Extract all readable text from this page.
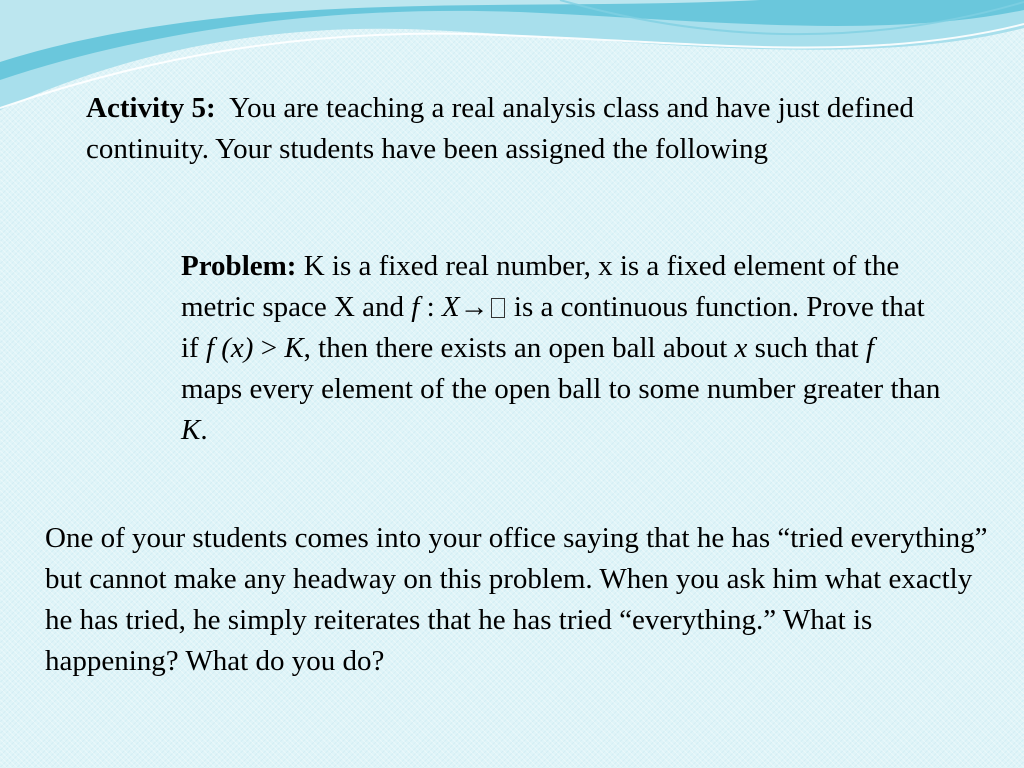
Activity 5: You are teaching a real analysis class and have just defined continuity. Your students have been assigned the following

Problem: K is a fixed real number, x is a fixed element of the metric space X and f : X→ is a continuous function. Prove that if f (x) > K, then there exists an open ball about x such that f maps every element of the open ball to some number greater than K.

One of your students comes into your office saying that he has “tried everything” but cannot make any headway on this problem. When you ask him what exactly he has tried, he simply reiterates that he has tried “everything.” What is happening? What do you do?
